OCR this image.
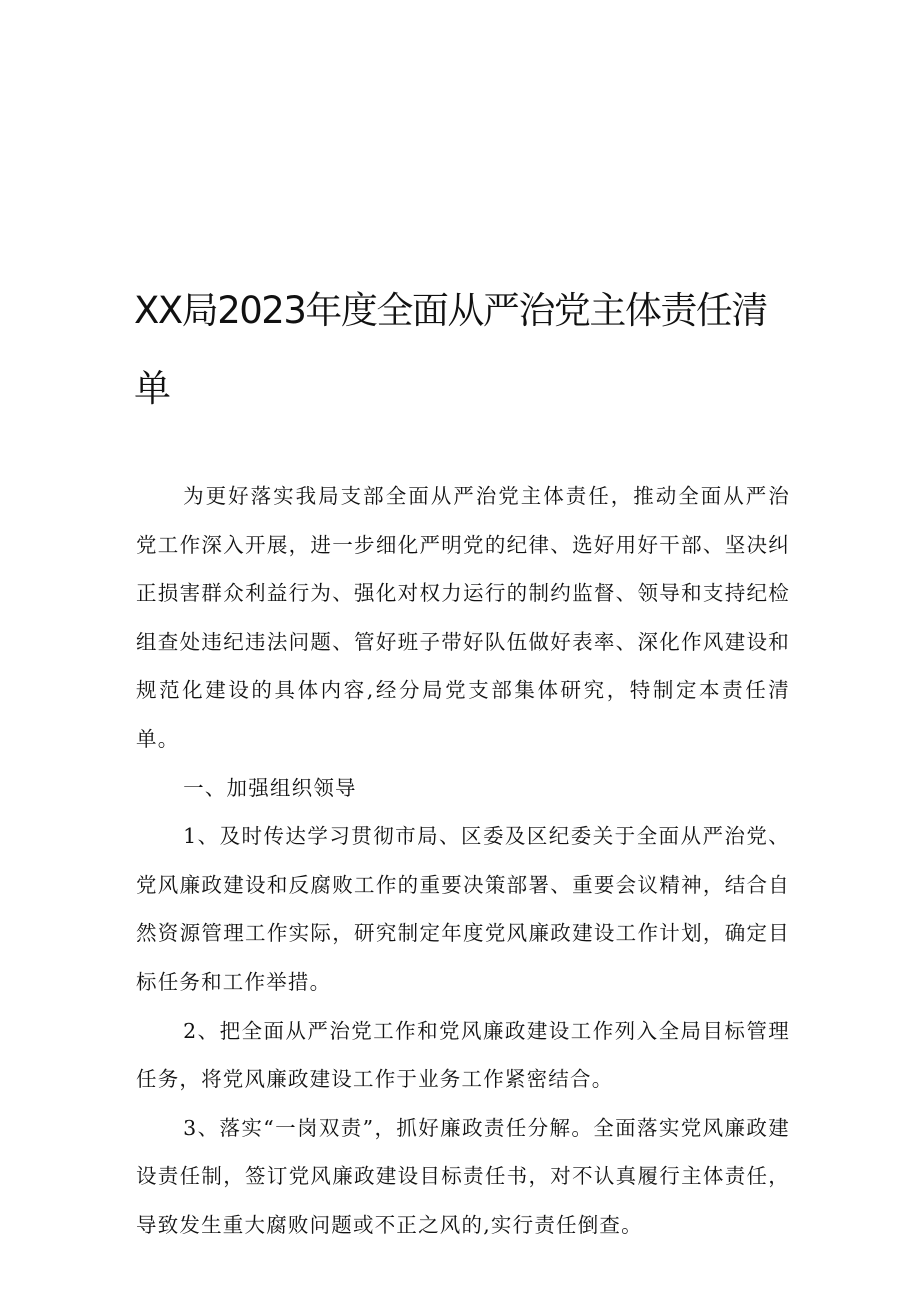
XX局2023年度全面从严治党主体责任清
单

为更好落实我局支部全面从严治党主体责任，推动全面从严治党工作深入开展，进一步细化严明党的纪律、选好用好干部、坚决纠正损害群众利益行为、强化对权力运行的制约监督、领导和支持纪检组查处违纪违法问题、管好班子带好队伍做好表率、深化作风建设和规范化建设的具体内容,经分局党支部集体研究，特制定本责任清单。

一、加强组织领导

1、及时传达学习贯彻市局、区委及区纪委关于全面从严治党、党风廉政建设和反腐败工作的重要决策部署、重要会议精神，结合自然资源管理工作实际，研究制定年度党风廉政建设工作计划，确定目标任务和工作举措。

2、把全面从严治党工作和党风廉政建设工作列入全局目标管理任务，将党风廉政建设工作于业务工作紧密结合。

3、落实“一岗双责”，抓好廉政责任分解。全面落实党风廉政建设责任制，签订党风廉政建设目标责任书，对不认真履行主体责任，导致发生重大腐败问题或不正之风的,实行责任倒查。
